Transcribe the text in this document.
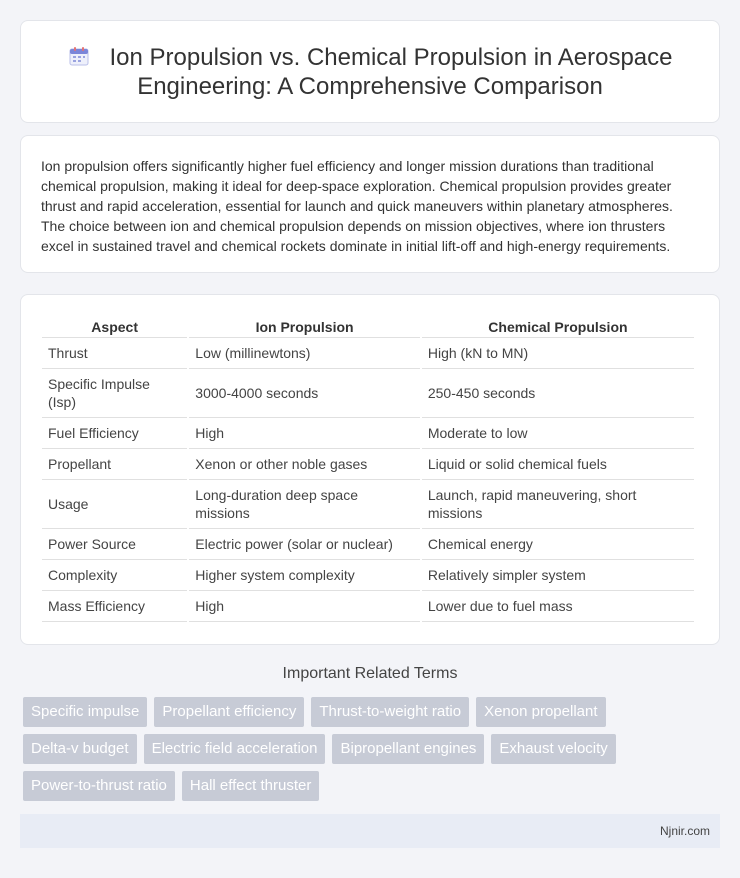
Ion Propulsion vs. Chemical Propulsion in Aerospace Engineering: A Comprehensive Comparison

Ion propulsion offers significantly higher fuel efficiency and longer mission durations than traditional chemical propulsion, making it ideal for deep-space exploration. Chemical propulsion provides greater thrust and rapid acceleration, essential for launch and quick maneuvers within planetary atmospheres. The choice between ion and chemical propulsion depends on mission objectives, where ion thrusters excel in sustained travel and chemical rockets dominate in initial lift-off and high-energy requirements.

Aspect	Ion Propulsion	Chemical Propulsion
Thrust	Low (millinewtons)	High (kN to MN)
Specific Impulse (Isp)	3000-4000 seconds	250-450 seconds
Fuel Efficiency	High	Moderate to low
Propellant	Xenon or other noble gases	Liquid or solid chemical fuels
Usage	Long-duration deep space missions	Launch, rapid maneuvering, short missions
Power Source	Electric power (solar or nuclear)	Chemical energy
Complexity	Higher system complexity	Relatively simpler system
Mass Efficiency	High	Lower due to fuel mass
Important Related Terms
Specific impulse	Propellant efficiency	Thrust-to-weight ratio	Xenon propellant
Delta-v budget	Electric field acceleration	Bipropellant engines	Exhaust velocity
Power-to-thrust ratio	Hall effect thruster
Njnir.com
